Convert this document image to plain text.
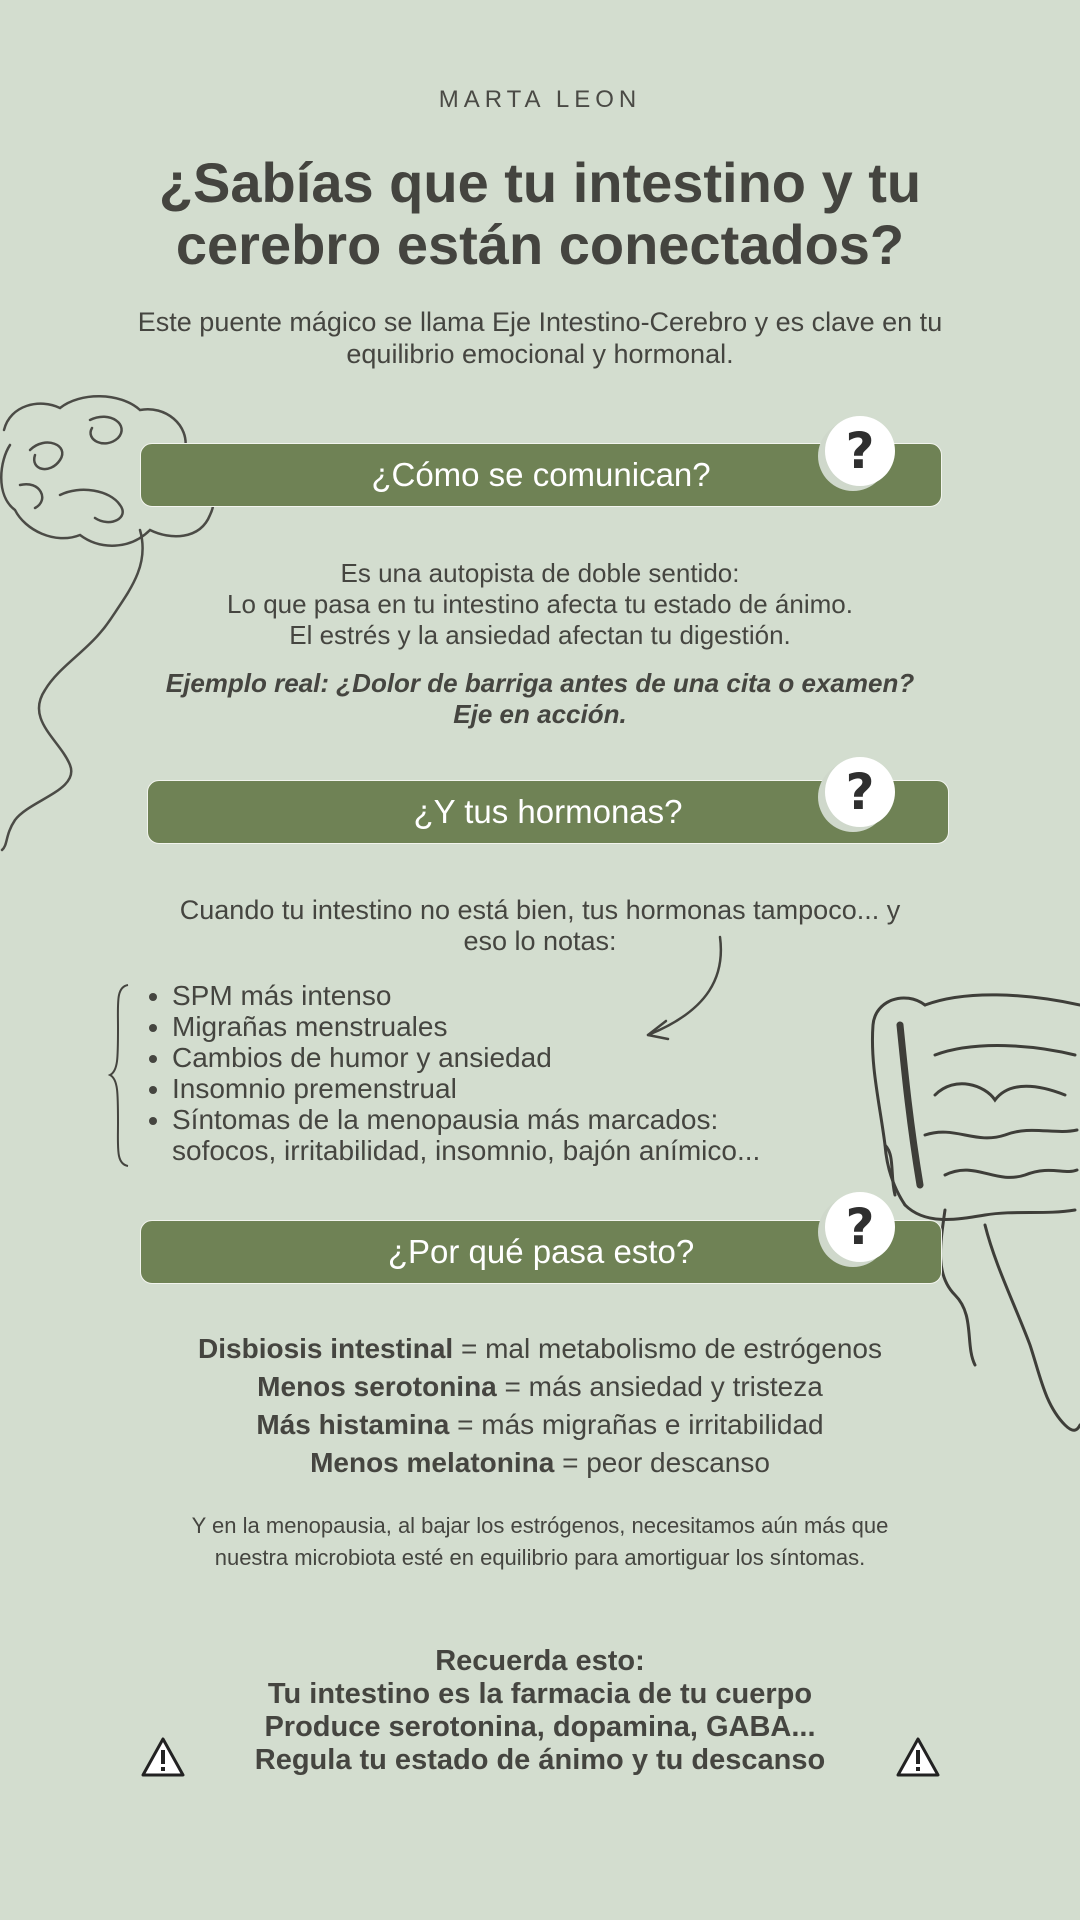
MARTA LEON
¿Sabías que tu intestino y tu cerebro están conectados?
Este puente mágico se llama Eje Intestino-Cerebro y es clave en tu equilibrio emocional y hormonal.
¿Cómo se comunican?	?
Es una autopista de doble sentido:
Lo que pasa en tu intestino afecta tu estado de ánimo.
El estrés y la ansiedad afectan tu digestión.
Ejemplo real: ¿Dolor de barriga antes de una cita o examen?
Eje en acción.
¿Y tus hormonas?	?
Cuando tu intestino no está bien, tus hormonas tampoco... y
eso lo notas:
• SPM más intenso
• Migrañas menstruales
• Cambios de humor y ansiedad
• Insomnio premenstrual
• Síntomas de la menopausia más marcados:
sofocos, irritabilidad, insomnio, bajón anímico...
¿Por qué pasa esto?	?
Disbiosis intestinal = mal metabolismo de estrógenos
Menos serotonina = más ansiedad y tristeza
Más histamina = más migrañas e irritabilidad
Menos melatonina = peor descanso
Y en la menopausia, al bajar los estrógenos, necesitamos aún más que
nuestra microbiota esté en equilibrio para amortiguar los síntomas.
Recuerda esto:
Tu intestino es la farmacia de tu cuerpo
Produce serotonina, dopamina, GABA...
Regula tu estado de ánimo y tu descanso
